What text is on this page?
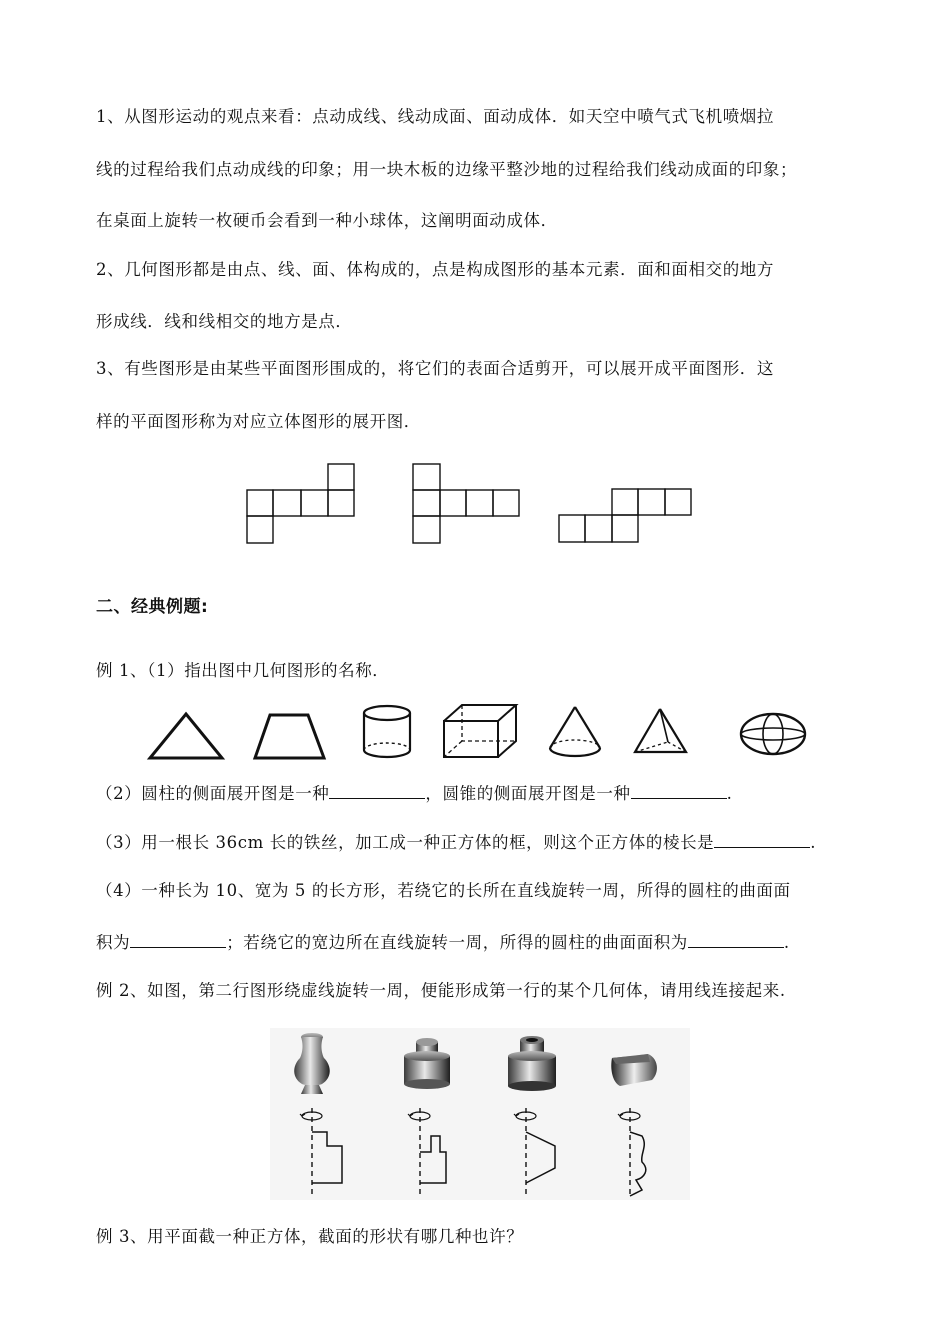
1、从图形运动的观点来看：点动成线、线动成面、面动成体．如天空中喷气式飞机喷烟拉
线的过程给我们点动成线的印象；用一块木板的边缘平整沙地的过程给我们线动成面的印象；
在桌面上旋转一枚硬币会看到一种小球体，这阐明面动成体．
2、几何图形都是由点、线、面、体构成的，点是构成图形的基本元素．面和面相交的地方
形成线．线和线相交的地方是点．
3、有些图形是由某些平面图形围成的，将它们的表面合适剪开，可以展开成平面图形．这
样的平面图形称为对应立体图形的展开图．
二、经典例题:
例 1、（1）指出图中几何图形的名称．
（2）圆柱的侧面展开图是一种	，圆锥的侧面展开图是一种	.
（3）用一根长 36cm 长的铁丝，加工成一种正方体的框，则这个正方体的棱长是	.
（4）一种长为 10、宽为 5 的长方形，若绕它的长所在直线旋转一周，所得的圆柱的曲面面
积为	；若绕它的宽边所在直线旋转一周，所得的圆柱的曲面面积为	.
例 2、如图，第二行图形绕虚线旋转一周，便能形成第一行的某个几何体，请用线连接起来.
例 3、用平面截一种正方体，截面的形状有哪几种也许？
